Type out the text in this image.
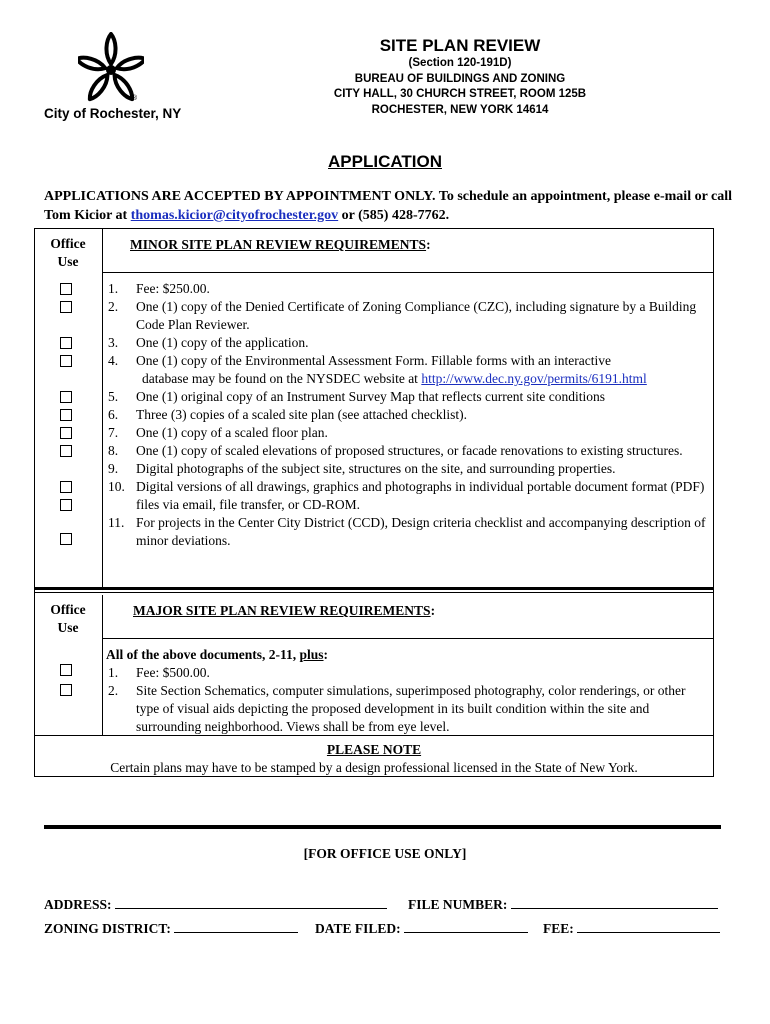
®
City of Rochester, NY
SITE PLAN REVIEW
(Section 120-191D)
BUREAU OF BUILDINGS AND ZONING
CITY HALL, 30 CHURCH STREET, ROOM 125B
ROCHESTER, NEW YORK 14614
APPLICATION
APPLICATIONS ARE ACCEPTED BY APPOINTMENT ONLY. To schedule an appointment, please e-mail or call Tom Kicior at thomas.kicior@cityofrochester.gov or (585) 428-7762.
Office
Use
MINOR SITE PLAN REVIEW REQUIREMENTS:
1. Fee: $250.00.
2. One (1) copy of the Denied Certificate of Zoning Compliance (CZC), including signature by a Building Code Plan Reviewer.
3. One (1) copy of the application.
4. One (1) copy of the Environmental Assessment Form. Fillable forms with an interactive
database may be found on the NYSDEC website at http://www.dec.ny.gov/permits/6191.html
5. One (1) original copy of an Instrument Survey Map that reflects current site conditions
6. Three (3) copies of a scaled site plan (see attached checklist).
7. One (1) copy of a scaled floor plan.
8. One (1) copy of scaled elevations of proposed structures, or facade renovations to existing structures.
9. Digital photographs of the subject site, structures on the site, and surrounding properties.
10. Digital versions of all drawings, graphics and photographs in individual portable document format (PDF) files via email, file transfer, or CD-ROM.
11. For projects in the Center City District (CCD), Design criteria checklist and accompanying description of minor deviations.
Office
Use
MAJOR SITE PLAN REVIEW REQUIREMENTS:
All of the above documents, 2-11, plus:
1. Fee: $500.00.
2. Site Section Schematics, computer simulations, superimposed photography, color renderings, or other type of visual aids depicting the proposed development in its built condition within the site and surrounding neighborhood. Views shall be from eye level.
PLEASE NOTE
Certain plans may have to be stamped by a design professional licensed in the State of New York.
[FOR OFFICE USE ONLY]
ADDRESS:	FILE NUMBER:
ZONING DISTRICT:	DATE FILED:	FEE:
